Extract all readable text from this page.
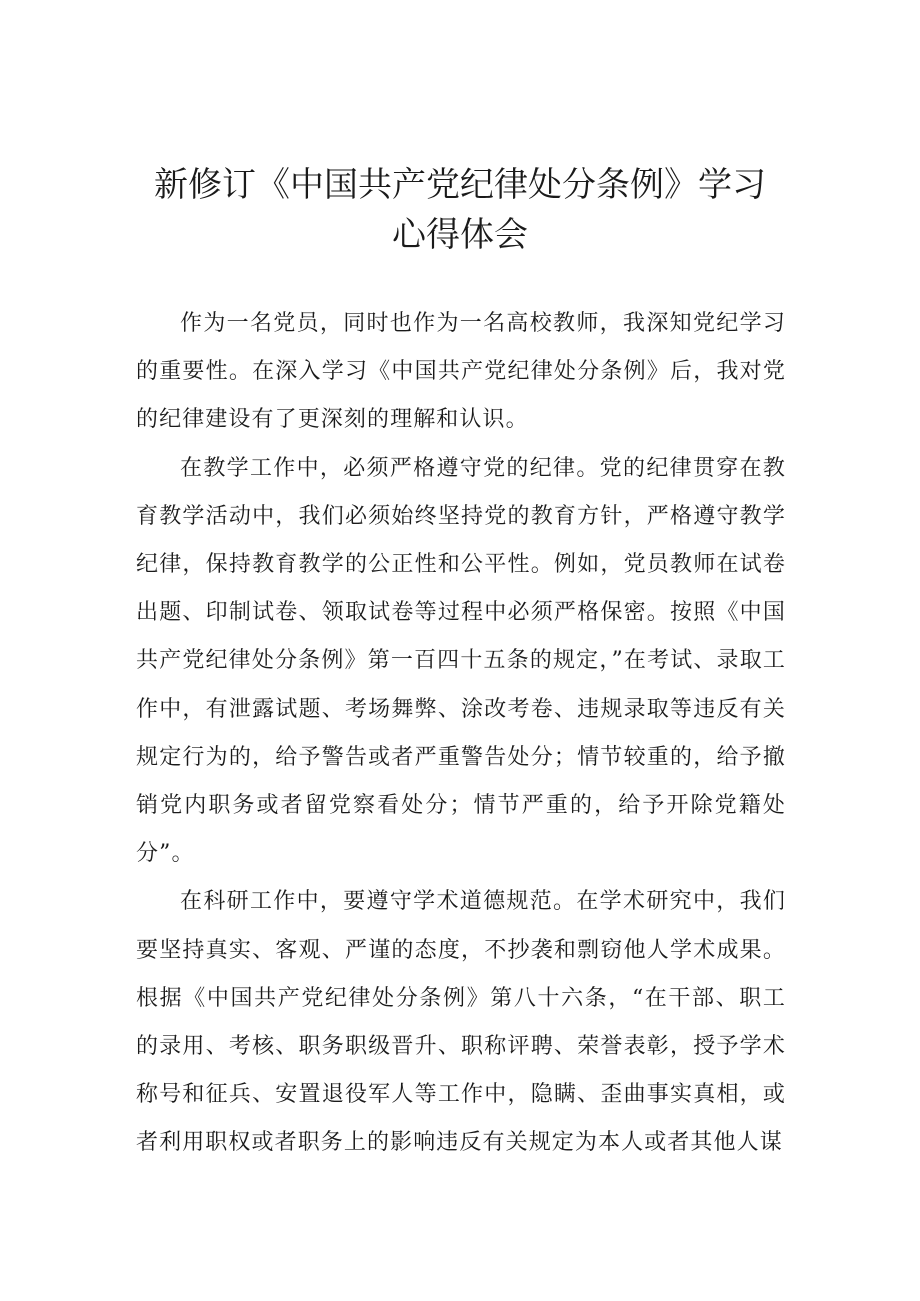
新修订《中国共产党纪律处分条例》学习
心得体会

作为一名党员，同时也作为一名高校教师，我深知党纪学习的重要性。在深入学习《中国共产党纪律处分条例》后，我对党的纪律建设有了更深刻的理解和认识。

在教学工作中，必须严格遵守党的纪律。党的纪律贯穿在教育教学活动中，我们必须始终坚持党的教育方针，严格遵守教学纪律，保持教育教学的公正性和公平性。例如，党员教师在试卷出题、印制试卷、领取试卷等过程中必须严格保密。按照《中国共产党纪律处分条例》第一百四十五条的规定，”在考试、录取工作中，有泄露试题、考场舞弊、涂改考卷、违规录取等违反有关规定行为的，给予警告或者严重警告处分；情节较重的，给予撤销党内职务或者留党察看处分；情节严重的，给予开除党籍处分”。

在科研工作中，要遵守学术道德规范。在学术研究中，我们要坚持真实、客观、严谨的态度，不抄袭和剽窃他人学术成果。根据《中国共产党纪律处分条例》第八十六条，“在干部、职工的录用、考核、职务职级晋升、职称评聘、荣誉表彰，授予学术称号和征兵、安置退役军人等工作中，隐瞒、歪曲事实真相，或者利用职权或者职务上的影响违反有关规定为本人或者其他人谋
